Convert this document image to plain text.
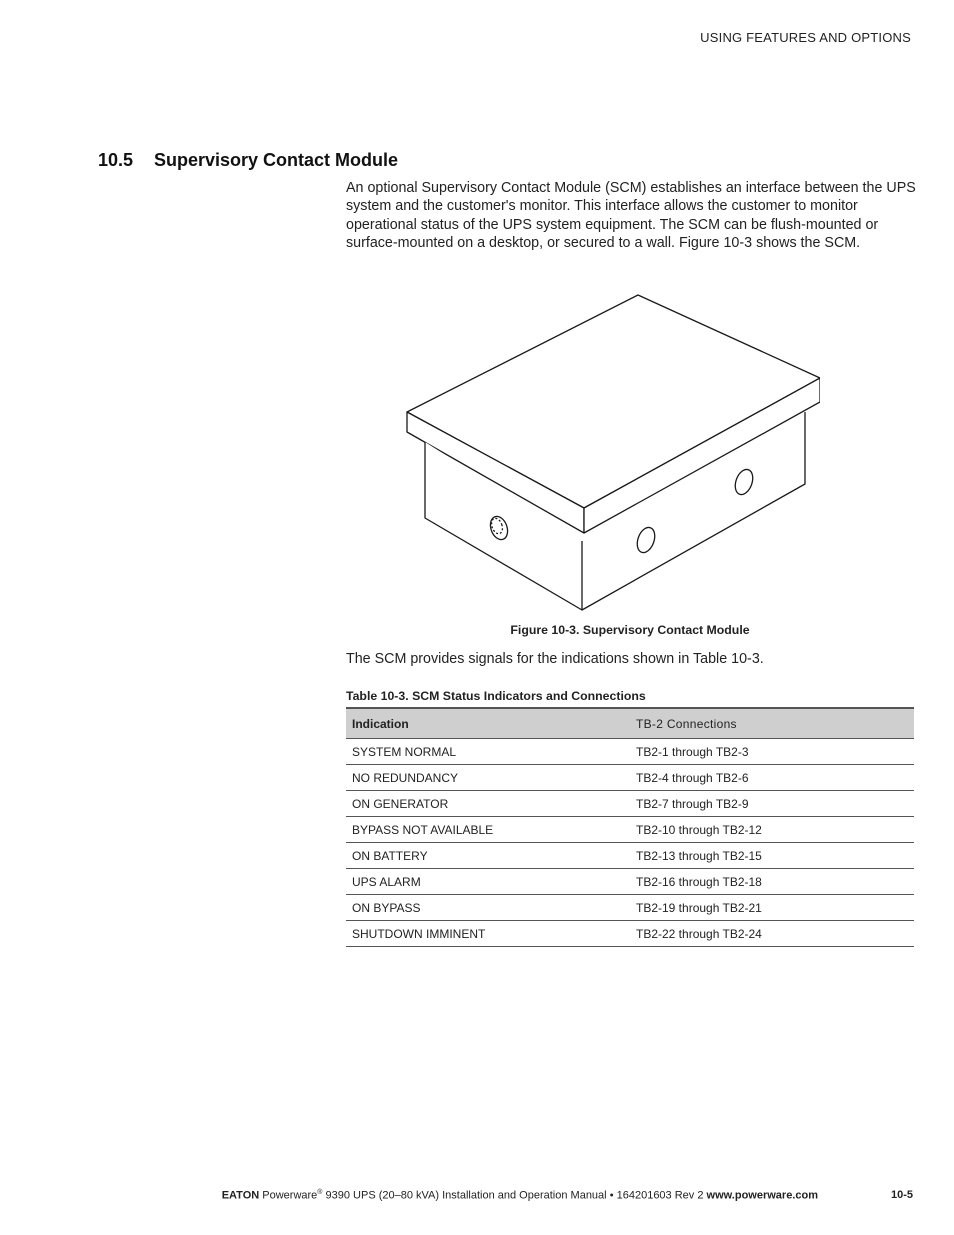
USING FEATURES AND OPTIONS
10.5 Supervisory Contact Module

An optional Supervisory Contact Module (SCM) establishes an interface between the UPS system and the customer's monitor. This interface allows the customer to monitor operational status of the UPS system equipment. The SCM can be flush-mounted or surface-mounted on a desktop, or secured to a wall. Figure 10-3 shows the SCM.

Figure 10-3. Supervisory Contact Module

The SCM provides signals for the indications shown in Table 10-3.

Table 10-3. SCM Status Indicators and Connections
Indication	TB-2 Connections
SYSTEM NORMAL	TB2-1 through TB2-3
NO REDUNDANCY	TB2-4 through TB2-6
ON GENERATOR	TB2-7 through TB2-9
BYPASS NOT AVAILABLE	TB2-10 through TB2-12
ON BATTERY	TB2-13 through TB2-15
UPS ALARM	TB2-16 through TB2-18
ON BYPASS	TB2-19 through TB2-21
SHUTDOWN IMMINENT	TB2-22 through TB2-24
EATON Powerware® 9390 UPS (20–80 kVA) Installation and Operation Manual • 164201603 Rev 2 www.powerware.com	10-5
